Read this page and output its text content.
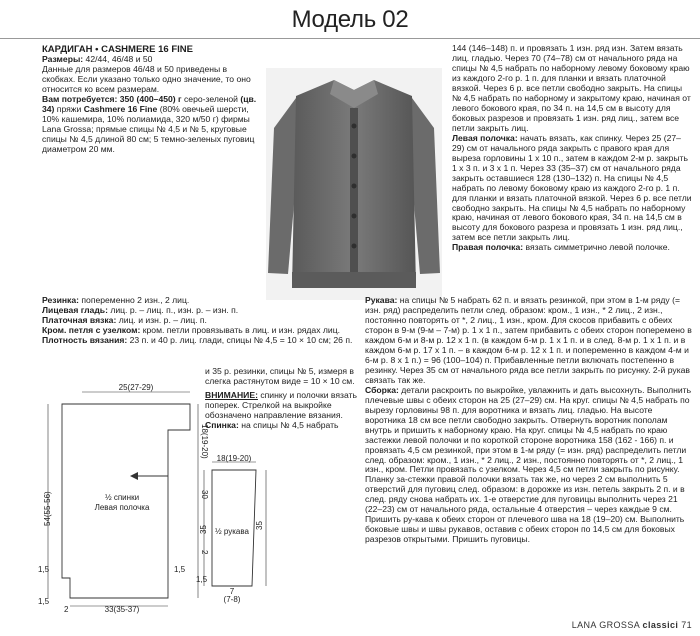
Модель 02

КАРДИГАН • CASHMERE 16 FINE

Размеры: 42/44, 46/48 и 50

Данные для размеров 46/48 и 50 приведены в скобках. Если указано только одно значение, то оно относится ко всем размерам.

Вам потребуется: 350 (400–450) г серо-зеленой (цв. 34) пряжи Cashmere 16 Fine (80% овечьей шерсти, 10% кашемира, 10% полиамида, 320 м/50 г) фирмы Lana Grossa; прямые спицы № 4,5 и № 5, круговые спицы № 4,5 длиной 80 см; 5 темно-зеленых пуговиц диаметром 20 мм.

144 (146–148) п. и провязать 1 изн. ряд изн. Затем вязать лиц. гладью. Через 70 (74–78) см от начального ряда на спицы № 4,5 набрать по наборному левому боковому краю из каждого 2-го р. 1 п. для планки и вязать платочной вязкой. Через 6 р. все петли свободно закрыть. На спицы № 4,5 набрать по наборному и закрытому краю, начиная от левого бокового края, по 34 п. на 14,5 см в высоту для боковых разрезов и провязать 1 изн. ряд лиц., затем все петли закрыть лиц.

Левая полочка: начать вязать, как спинку. Через 25 (27–29) см от начального ряда закрыть с правого края для выреза горловины 1 х 10 п., затем в каждом 2-м р. закрыть 1 х 3 п. и 3 х 1 п. Через 33 (35–37) см от начального ряда закрыть оставшиеся 128 (130–132) п. На спицы № 4,5 набрать по левому боковому краю из каждого 2-го р. 1 п. для планки и вязать платочной вязкой. Через 6 р. все петли свободно закрыть. На спицы № 4,5 набрать по наборному краю, начиная от левого бокового края, 34 п. на 14,5 см в высоту для бокового разреза и провязать 1 изн. ряд лиц., затем все петли закрыть лиц.

Правая полочка: вязать симметрично левой полочке.

Резинка: попеременно 2 изн., 2 лиц.

Лицевая гладь: лиц. р. – лиц. п., изн. р. – изн. п.

Платочная вязка: лиц. и изн. р. – лиц. п.

Кром. петля с узелком: кром. петли провязывать в лиц. и изн. рядах лиц.

Плотность вязания: 23 п. и 40 р. лиц. глади, спицы № 4,5 = 10 × 10 см; 26 п.

и 35 р. резинки, спицы № 5, измеря в слегка растянутом виде = 10 × 10 см.

ВНИМАНИЕ: спинку и полочки вязать поперек. Стрелкой на выкройке обозначено направление вязания.

Спинка: на спицы № 4,5 набрать

25(27-29)
18(19-20)
30
2
54(55-56)	½ спинки
Левая полочка
33(35-37)
2
1,5	1,5
1,5
18(19-20)
35	35
½ рукава
7
(7-8)
1,5

Рукава: на спицы № 5 набрать 62 п. и вязать резинкой, при этом в 1-м ряду (= изн. ряд) распределить петли след. образом: кром., 1 изн., * 2 лиц., 2 изн., постоянно повторять от *, 2 лиц., 1 изн., кром. Для скосов прибавить с обеих сторон в 9-м (9-м – 7-м) р. 1 х 1 п., затем прибавить с обеих сторон поперемено в каждом 6-м и 8-м р. 12 х 1 п. (в каждом 6-м р. 1 х 1 п. и в след. 8-м р. 1 х 1 п. и в каждом 6-м р. 17 х 1 п. – в каждом 6-м р. 12 х 1 п. и попеременно в каждом 4-м и 6-м р. 8 х 1 п.) = 96 (100–104) п. Прибавленные петли включать постепенно в резинку. Через 35 см от начального ряда все петли закрыть по рисунку. 2-й рукав связать так же.

Сборка: детали раскроить по выкройке, увлажнить и дать высохнуть. Выполнить плечевые швы с обеих сторон на 25 (27–29) см. На круг. спицы № 4,5 набрать по вырезу горловины 98 п. для воротника и вязать лиц. гладью. На высоте воротника 18 см все петли свободно закрыть. Отвернуть воротник пополам внутрь и пришить к наборному краю. На круг. спицы № 4,5 набрать по краю застежки левой полочки и по короткой стороне воротника 158 (162 - 166) п. и провязать 4,5 см резинкой, при этом в 1-м ряду (= изн. ряд) распределить петли след. образом: кром., 1 изн., * 2 лиц., 2 изн., постоянно повторять от *, 2 лиц., 1 изн., кром. Петли провязать с узелком. Через 4,5 см петли закрыть по рисунку. Планку за-стежки правой полочки вязать так же, но через 2 см выполнить 5 отверстий для пуговиц след. образом: в дорожке из изн. петель закрыть 2 п. и в след. ряду снова набрать их. 1-е отверстие для пуговицы выполнить через 21 (22–23) см от начального ряда, остальные 4 отверстия – через каждые 9 см.

Пришить ру-кава к обеих сторон от плечевого шва на 18 (19–20) см. Выполнить боковые швы и швы рукавов, оставив с обеих сторон по 14,5 см для боковых разрезов открытыми. Пришить пуговицы.

LANA GROSSA classici 71
